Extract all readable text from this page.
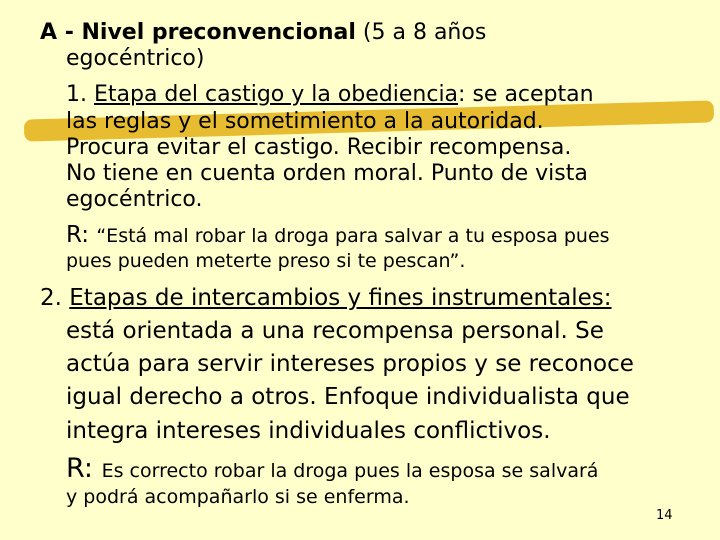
A - Nivel preconvencional (5 a 8 años
egocéntrico)
1. Etapa del castigo y la obediencia: se aceptan
las reglas y el sometimiento a la autoridad.
Procura evitar el castigo. Recibir recompensa.
No tiene en cuenta orden moral. Punto de vista
egocéntrico.
R: “Está mal robar la droga para salvar a tu esposa pues
pues pueden meterte preso si te pescan”.
2. Etapas de intercambios y fines instrumentales:
está orientada a una recompensa personal. Se
actúa para servir intereses propios y se reconoce
igual derecho a otros. Enfoque individualista que
integra intereses individuales conflictivos.
R: Es correcto robar la droga pues la esposa se salvará
y podrá acompañarlo si se enferma.
14
